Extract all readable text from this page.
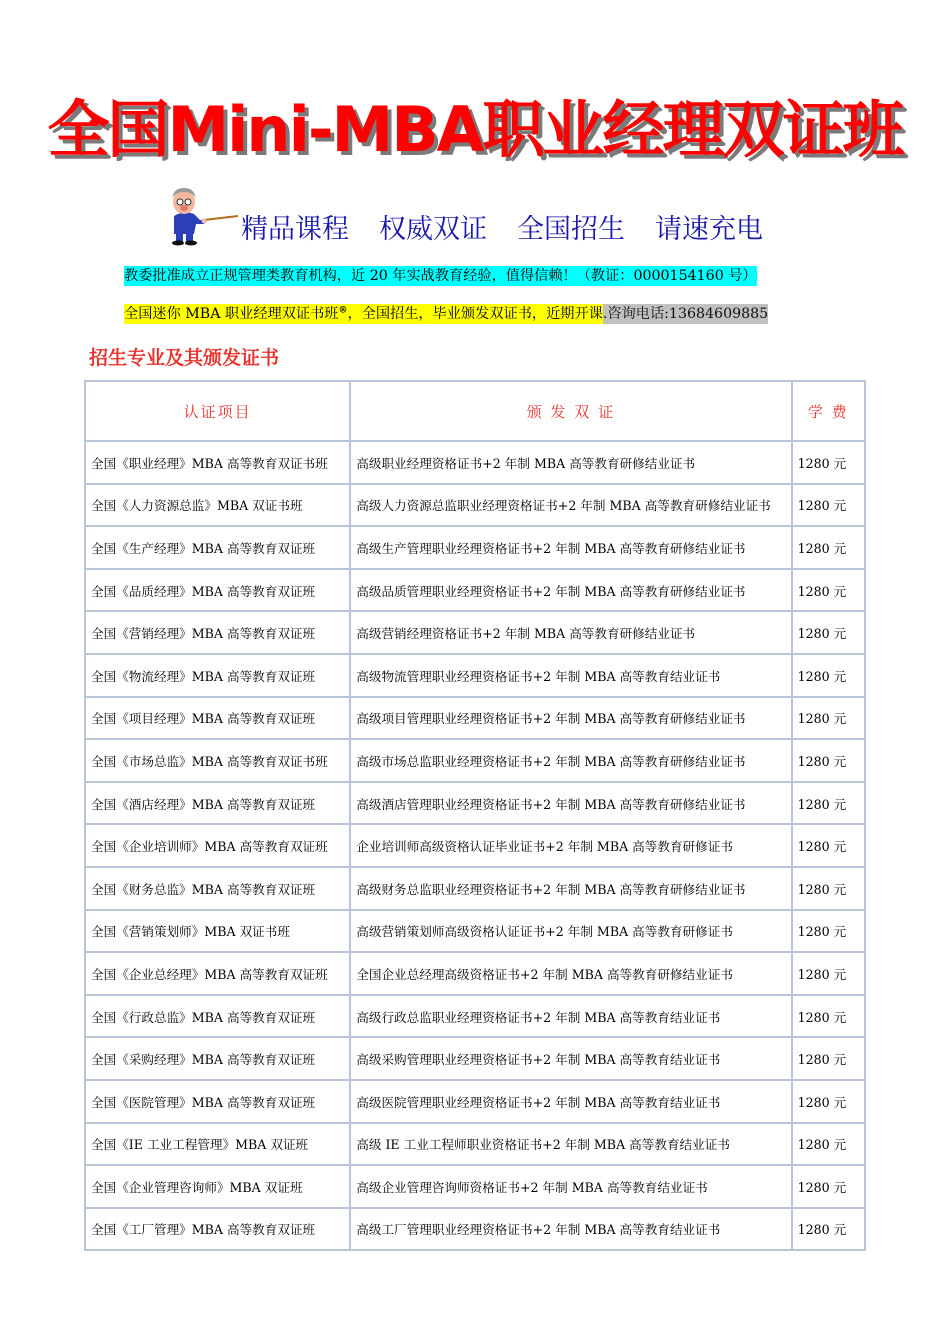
全国Mini-MBA职业经理双证班
精品课程 权威双证 全国招生 请速充电
教委批准成立正规管理类教育机构，近 20 年实战教育经验，值得信赖！（教证：0000154160 号）
全国迷你 MBA 职业经理双证书班®，全国招生，毕业颁发双证书，近期开课.咨询电话:13684609885
招生专业及其颁发证书
认证项目	颁 发 双 证	学 费
全国《职业经理》MBA 高等教育双证书班	高级职业经理资格证书+2 年制 MBA 高等教育研修结业证书	1280 元
全国《人力资源总监》MBA 双证书班	高级人力资源总监职业经理资格证书+2 年制 MBA 高等教育研修结业证书	1280 元
全国《生产经理》MBA 高等教育双证班	高级生产管理职业经理资格证书+2 年制 MBA 高等教育研修结业证书	1280 元
全国《品质经理》MBA 高等教育双证班	高级品质管理职业经理资格证书+2 年制 MBA 高等教育研修结业证书	1280 元
全国《营销经理》MBA 高等教育双证班	高级营销经理资格证书+2 年制 MBA 高等教育研修结业证书	1280 元
全国《物流经理》MBA 高等教育双证班	高级物流管理职业经理资格证书+2 年制 MBA 高等教育结业证书	1280 元
全国《项目经理》MBA 高等教育双证班	高级项目管理职业经理资格证书+2 年制 MBA 高等教育研修结业证书	1280 元
全国《市场总监》MBA 高等教育双证书班	高级市场总监职业经理资格证书+2 年制 MBA 高等教育研修结业证书	1280 元
全国《酒店经理》MBA 高等教育双证班	高级酒店管理职业经理资格证书+2 年制 MBA 高等教育研修结业证书	1280 元
全国《企业培训师》MBA 高等教育双证班	企业培训师高级资格认证毕业证书+2 年制 MBA 高等教育研修证书	1280 元
全国《财务总监》MBA 高等教育双证班	高级财务总监职业经理资格证书+2 年制 MBA 高等教育研修结业证书	1280 元
全国《营销策划师》MBA 双证书班	高级营销策划师高级资格认证证书+2 年制 MBA 高等教育研修证书	1280 元
全国《企业总经理》MBA 高等教育双证班	全国企业总经理高级资格证书+2 年制 MBA 高等教育研修结业证书	1280 元
全国《行政总监》MBA 高等教育双证班	高级行政总监职业经理资格证书+2 年制 MBA 高等教育结业证书	1280 元
全国《采购经理》MBA 高等教育双证班	高级采购管理职业经理资格证书+2 年制 MBA 高等教育结业证书	1280 元
全国《医院管理》MBA 高等教育双证班	高级医院管理职业经理资格证书+2 年制 MBA 高等教育结业证书	1280 元
全国《IE 工业工程管理》MBA 双证班	高级 IE 工业工程师职业资格证书+2 年制 MBA 高等教育结业证书	1280 元
全国《企业管理咨询师》MBA 双证班	高级企业管理咨询师资格证书+2 年制 MBA 高等教育结业证书	1280 元
全国《工厂管理》MBA 高等教育双证班	高级工厂管理职业经理资格证书+2 年制 MBA 高等教育结业证书	1280 元
